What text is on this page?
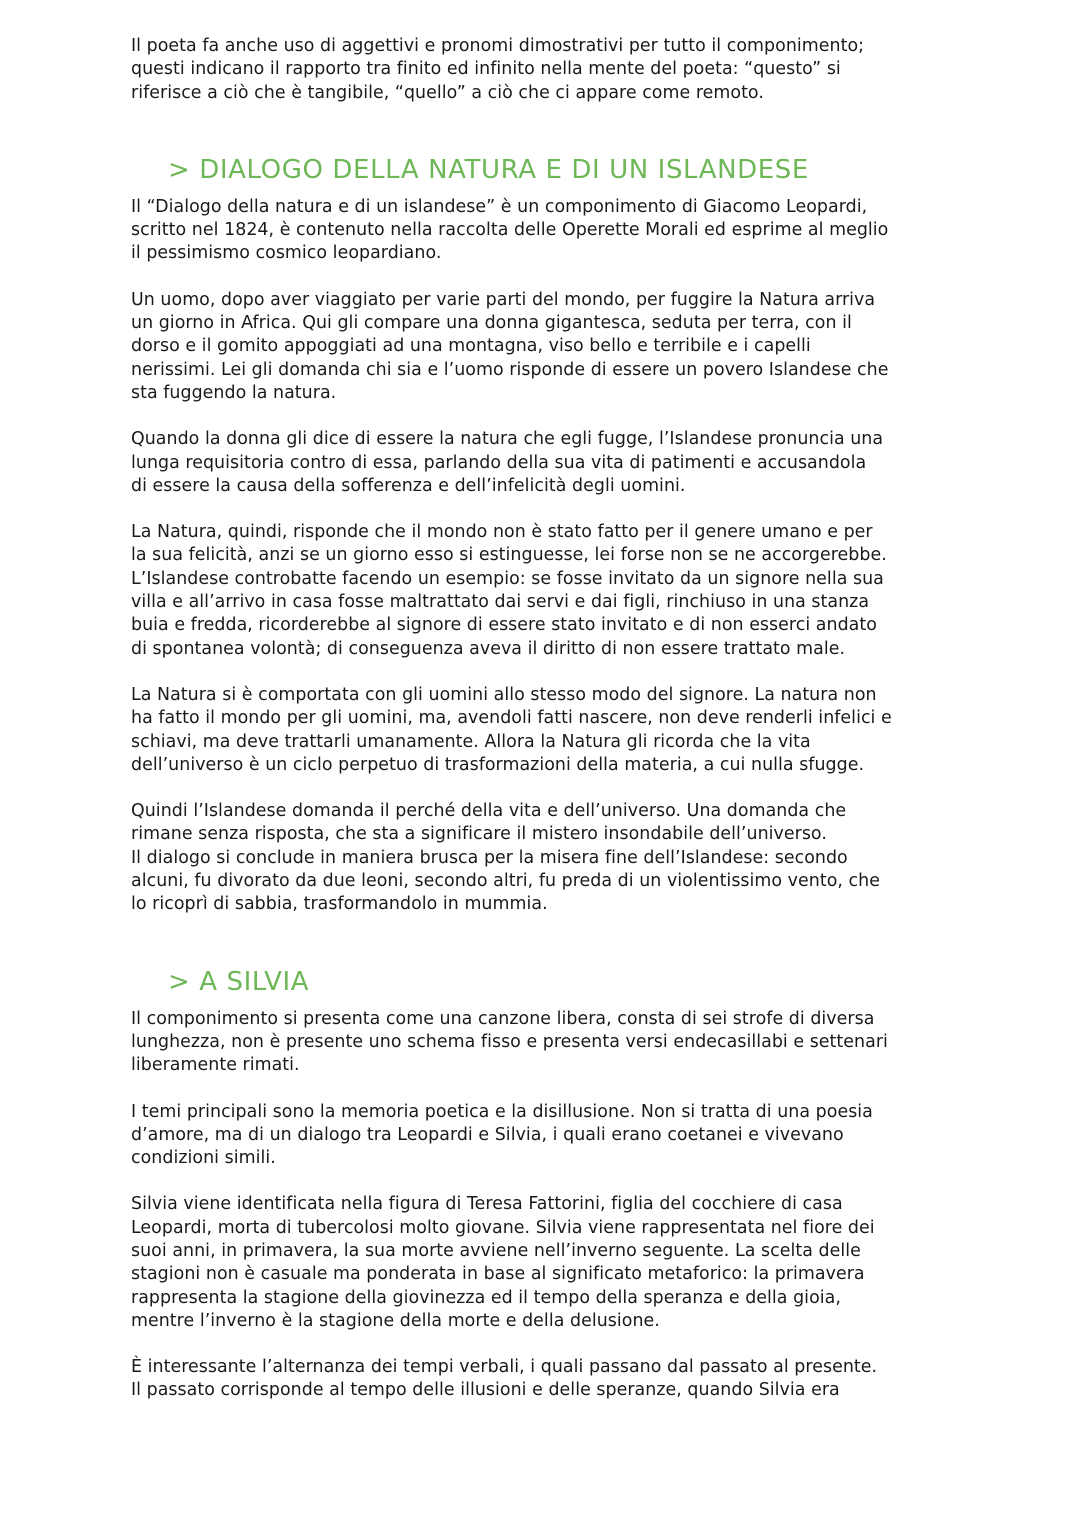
Il poeta fa anche uso di aggettivi e pronomi dimostrativi per tutto il componimento;
questi indicano il rapporto tra finito ed infinito nella mente del poeta: “questo” si
riferisce a ciò che è tangibile, “quello” a ciò che ci appare come remoto.

> DIALOGO DELLA NATURA E DI UN ISLANDESE

Il “Dialogo della natura e di un islandese” è un componimento di Giacomo Leopardi,
scritto nel 1824, è contenuto nella raccolta delle Operette Morali ed esprime al meglio
il pessimismo cosmico leopardiano.

Un uomo, dopo aver viaggiato per varie parti del mondo, per fuggire la Natura arriva
un giorno in Africa. Qui gli compare una donna gigantesca, seduta per terra, con il
dorso e il gomito appoggiati ad una montagna, viso bello e terribile e i capelli
nerissimi. Lei gli domanda chi sia e l’uomo risponde di essere un povero Islandese che
sta fuggendo la natura.

Quando la donna gli dice di essere la natura che egli fugge, l’Islandese pronuncia una
lunga requisitoria contro di essa, parlando della sua vita di patimenti e accusandola
di essere la causa della sofferenza e dell’infelicità degli uomini.

La Natura, quindi, risponde che il mondo non è stato fatto per il genere umano e per
la sua felicità, anzi se un giorno esso si estinguesse, lei forse non se ne accorgerebbe.
L’Islandese controbatte facendo un esempio: se fosse invitato da un signore nella sua
villa e all’arrivo in casa fosse maltrattato dai servi e dai figli, rinchiuso in una stanza
buia e fredda, ricorderebbe al signore di essere stato invitato e di non esserci andato
di spontanea volontà; di conseguenza aveva il diritto di non essere trattato male.

La Natura si è comportata con gli uomini allo stesso modo del signore. La natura non
ha fatto il mondo per gli uomini, ma, avendoli fatti nascere, non deve renderli infelici e
schiavi, ma deve trattarli umanamente. Allora la Natura gli ricorda che la vita
dell’universo è un ciclo perpetuo di trasformazioni della materia, a cui nulla sfugge.

Quindi l’Islandese domanda il perché della vita e dell’universo. Una domanda che
rimane senza risposta, che sta a significare il mistero insondabile dell’universo.
Il dialogo si conclude in maniera brusca per la misera fine dell’Islandese: secondo
alcuni, fu divorato da due leoni, secondo altri, fu preda di un violentissimo vento, che
lo ricoprì di sabbia, trasformandolo in mummia.

> A SILVIA

Il componimento si presenta come una canzone libera, consta di sei strofe di diversa
lunghezza, non è presente uno schema fisso e presenta versi endecasillabi e settenari
liberamente rimati.

I temi principali sono la memoria poetica e la disillusione. Non si tratta di una poesia
d’amore, ma di un dialogo tra Leopardi e Silvia, i quali erano coetanei e vivevano
condizioni simili.

Silvia viene identificata nella figura di Teresa Fattorini, figlia del cocchiere di casa
Leopardi, morta di tubercolosi molto giovane. Silvia viene rappresentata nel fiore dei
suoi anni, in primavera, la sua morte avviene nell’inverno seguente. La scelta delle
stagioni non è casuale ma ponderata in base al significato metaforico: la primavera
rappresenta la stagione della giovinezza ed il tempo della speranza e della gioia,
mentre l’inverno è la stagione della morte e della delusione.

È interessante l’alternanza dei tempi verbali, i quali passano dal passato al presente.
Il passato corrisponde al tempo delle illusioni e delle speranze, quando Silvia era
